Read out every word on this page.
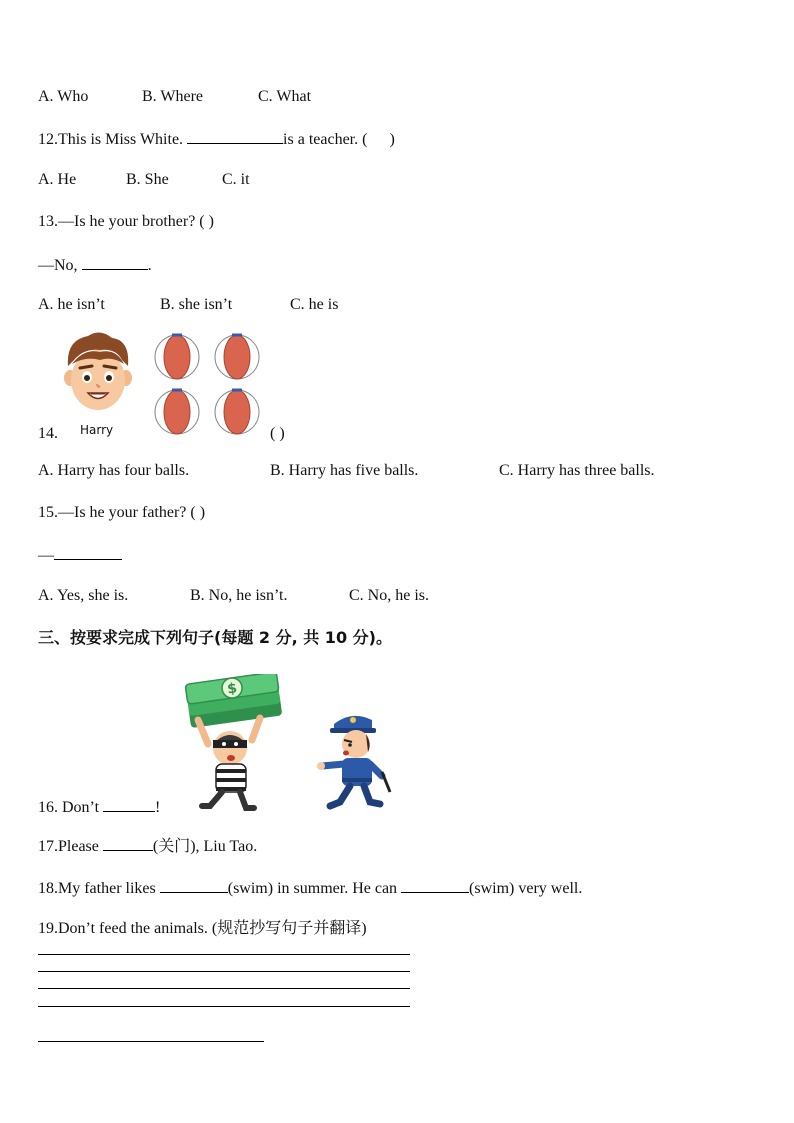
A. Who	B. Where	C. What
12.This is Miss White.	is a teacher. ( )
A. He	B. She	C. it
13.—Is he your brother? ( )
—No,	.
A. he isn’t	B. she isn’t	C. he is
14. Harry	( )
A. Harry has four balls.	B. Harry has five balls.	C. Harry has three balls.
15.—Is he your father? ( )
—
A. Yes, she is.	B. No, he isn’t.	C. No, he is.
三、按要求完成下列句子(每题 2 分, 共 10 分)。
$
16. Don’t	!
17.Please	(关门), Liu Tao.
18.My father likes	(swim) in summer. He can	(swim) very well.
19.Don’t feed the animals. (规范抄写句子并翻译)
